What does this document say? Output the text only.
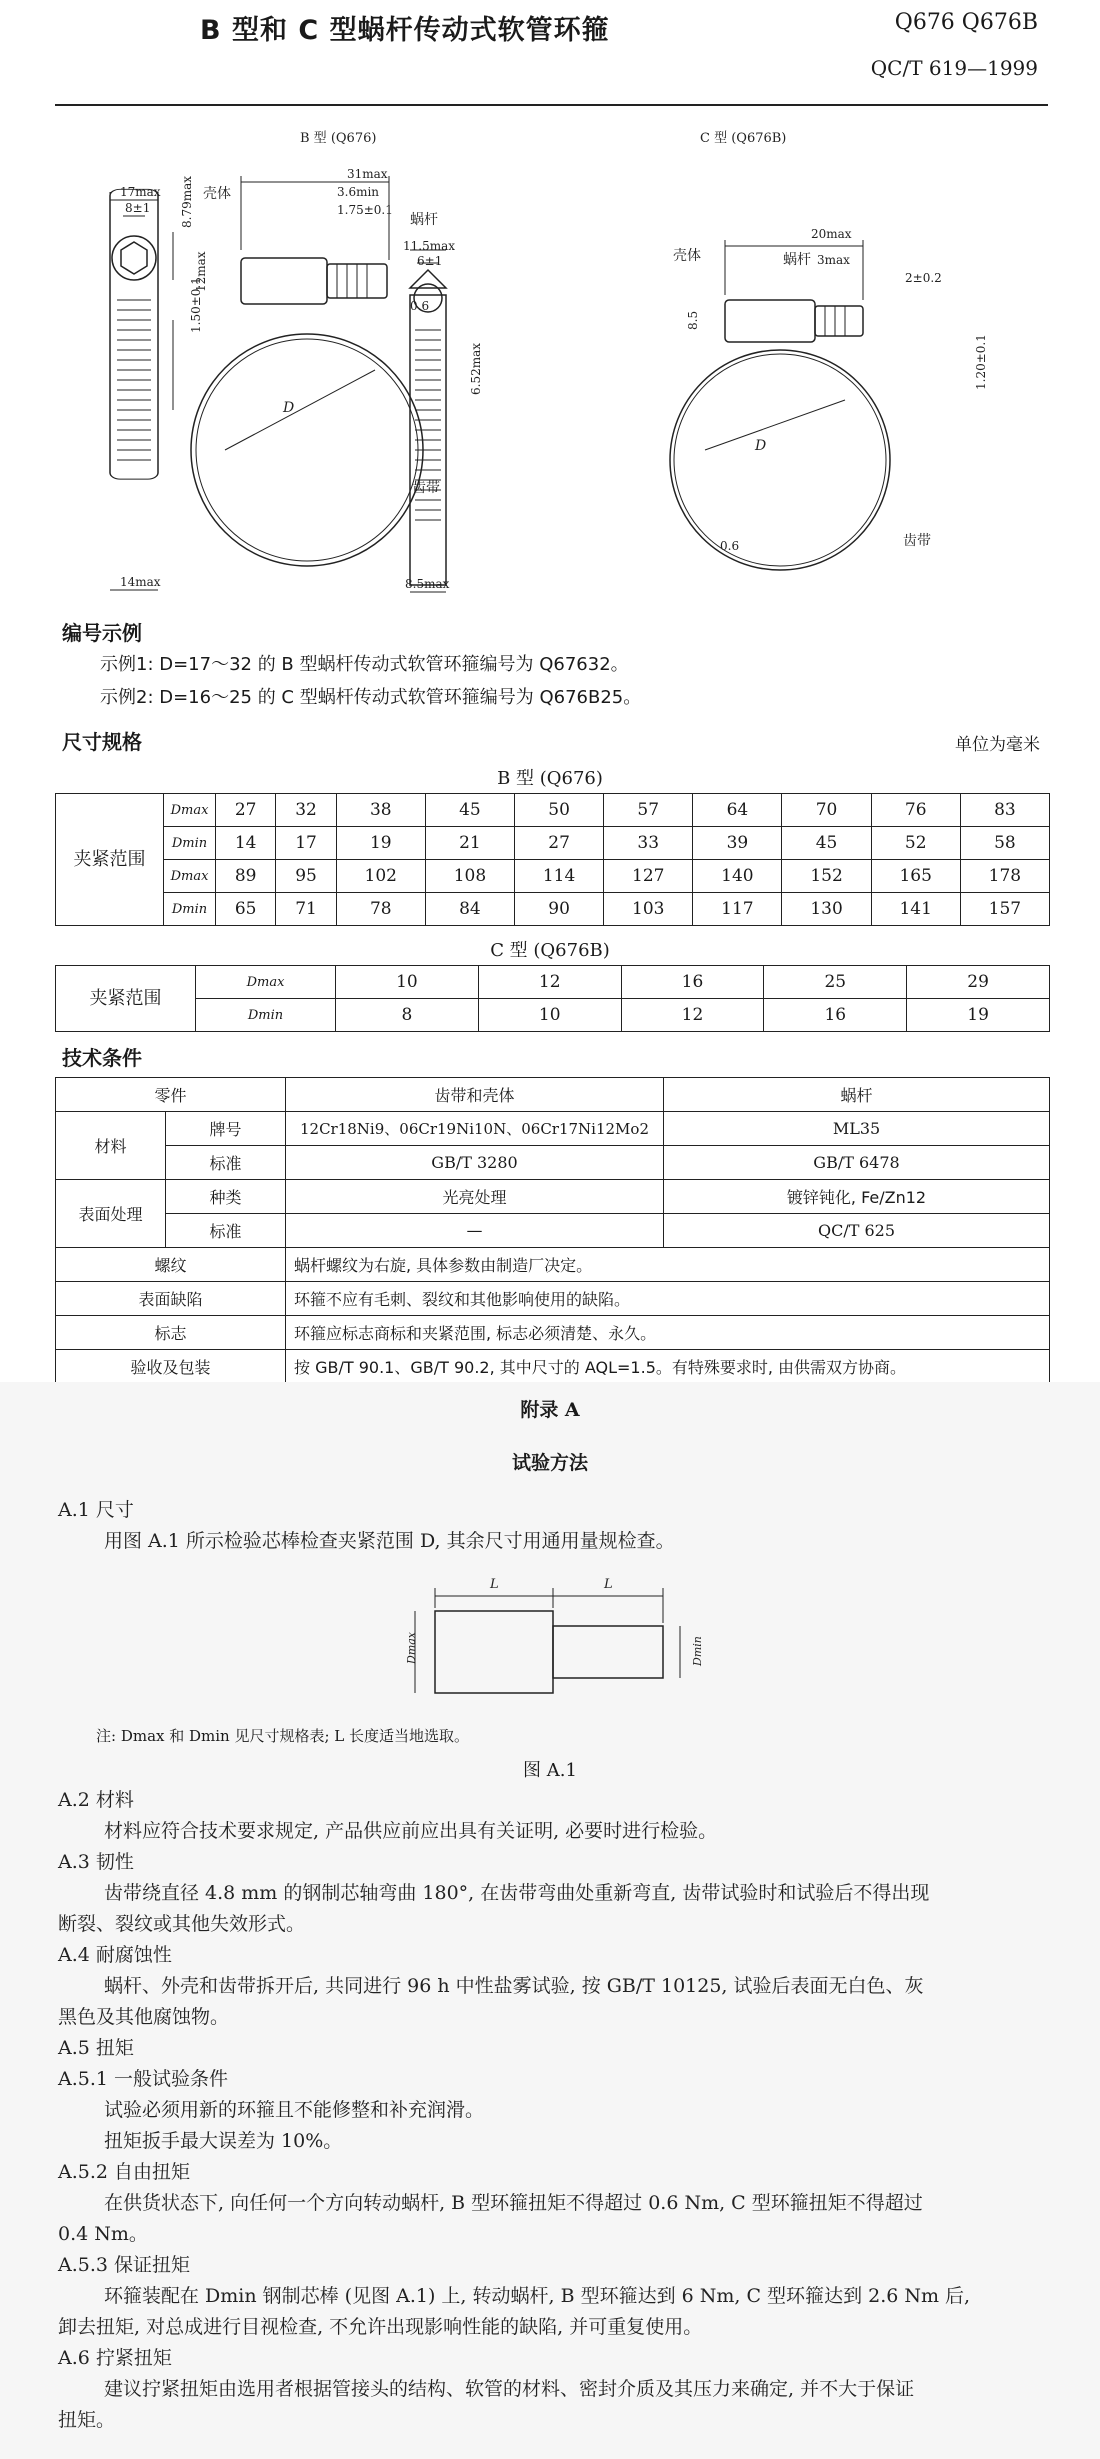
B 型和 C 型蜗杆传动式软管环箍	Q676 Q676B
QC/T 619—1999
B 型 (Q676)	C 型 (Q676B)
17max
8±1 8.79max
1.50±0.1
14max
壳体
蜗杆
齿带
D
31max
3.6min
1.75±0.1
12max
0.6
11.5max
6±1
6.52max
8.5max
壳体	蜗杆
齿带
D
20max
3max
2±0.2
8.5
1.20±0.1
0.6
编号示例
示例1: D=17～32 的 B 型蜗杆传动式软管环箍编号为 Q67632。
示例2: D=16～25 的 C 型蜗杆传动式软管环箍编号为 Q676B25。
尺寸规格	单位为毫米
B 型 (Q676)
夹紧范围	Dmax	27	32	38	45	50	57	64	70	76	83
	Dmin	14	17	19	21	27	33	39	45	52	58
	Dmax	89	95	102	108	114	127	140	152	165	178
	Dmin	65	71	78	84	90	103	117	130	141	157
C 型 (Q676B)
夹紧范围	Dmax	10	12	16	25	29
	Dmin	8	10	12	16	19
技术条件
零件		齿带和壳体	蜗杆
材料	牌号	12Cr18Ni9、06Cr19Ni10N、06Cr17Ni12Mo2	ML35
	标准	GB/T 3280	GB/T 6478
表面处理	种类	光亮处理	镀锌钝化, Fe/Zn12
	标准	—	QC/T 625
螺纹		蜗杆螺纹为右旋, 具体参数由制造厂决定。	
表面缺陷		环箍不应有毛刺、裂纹和其他影响使用的缺陷。	
标志		环箍应标志商标和夹紧范围, 标志必须清楚、永久。	
验收及包装		按 GB/T 90.1、GB/T 90.2, 其中尺寸的 AQL=1.5。有特殊要求时, 由供需双方协商。	
附录 A
试验方法
A.1 尺寸
用图 A.1 所示检验芯棒检查夹紧范围 D, 其余尺寸用通用量规检查。
L	L
Dmax	Dmin
注: Dmax 和 Dmin 见尺寸规格表; L 长度适当地选取。
图 A.1
A.2 材料
材料应符合技术要求规定, 产品供应前应出具有关证明, 必要时进行检验。
A.3 韧性
齿带绕直径 4.8 mm 的钢制芯轴弯曲 180°, 在齿带弯曲处重新弯直, 齿带试验时和试验后不得出现
断裂、裂纹或其他失效形式。
A.4 耐腐蚀性
蜗杆、外壳和齿带拆开后, 共同进行 96 h 中性盐雾试验, 按 GB/T 10125, 试验后表面无白色、灰
黑色及其他腐蚀物。
A.5 扭矩
A.5.1 一般试验条件
试验必须用新的环箍且不能修整和补充润滑。
扭矩扳手最大误差为 10%。
A.5.2 自由扭矩
在供货状态下, 向任何一个方向转动蜗杆, B 型环箍扭矩不得超过 0.6 Nm, C 型环箍扭矩不得超过
0.4 Nm。
A.5.3 保证扭矩
环箍装配在 Dmin 钢制芯棒 (见图 A.1) 上, 转动蜗杆, B 型环箍达到 6 Nm, C 型环箍达到 2.6 Nm 后,
卸去扭矩, 对总成进行目视检查, 不允许出现影响性能的缺陷, 并可重复使用。
A.6 拧紧扭矩
建议拧紧扭矩由选用者根据管接头的结构、软管的材料、密封介质及其压力来确定, 并不大于保证
扭矩。
